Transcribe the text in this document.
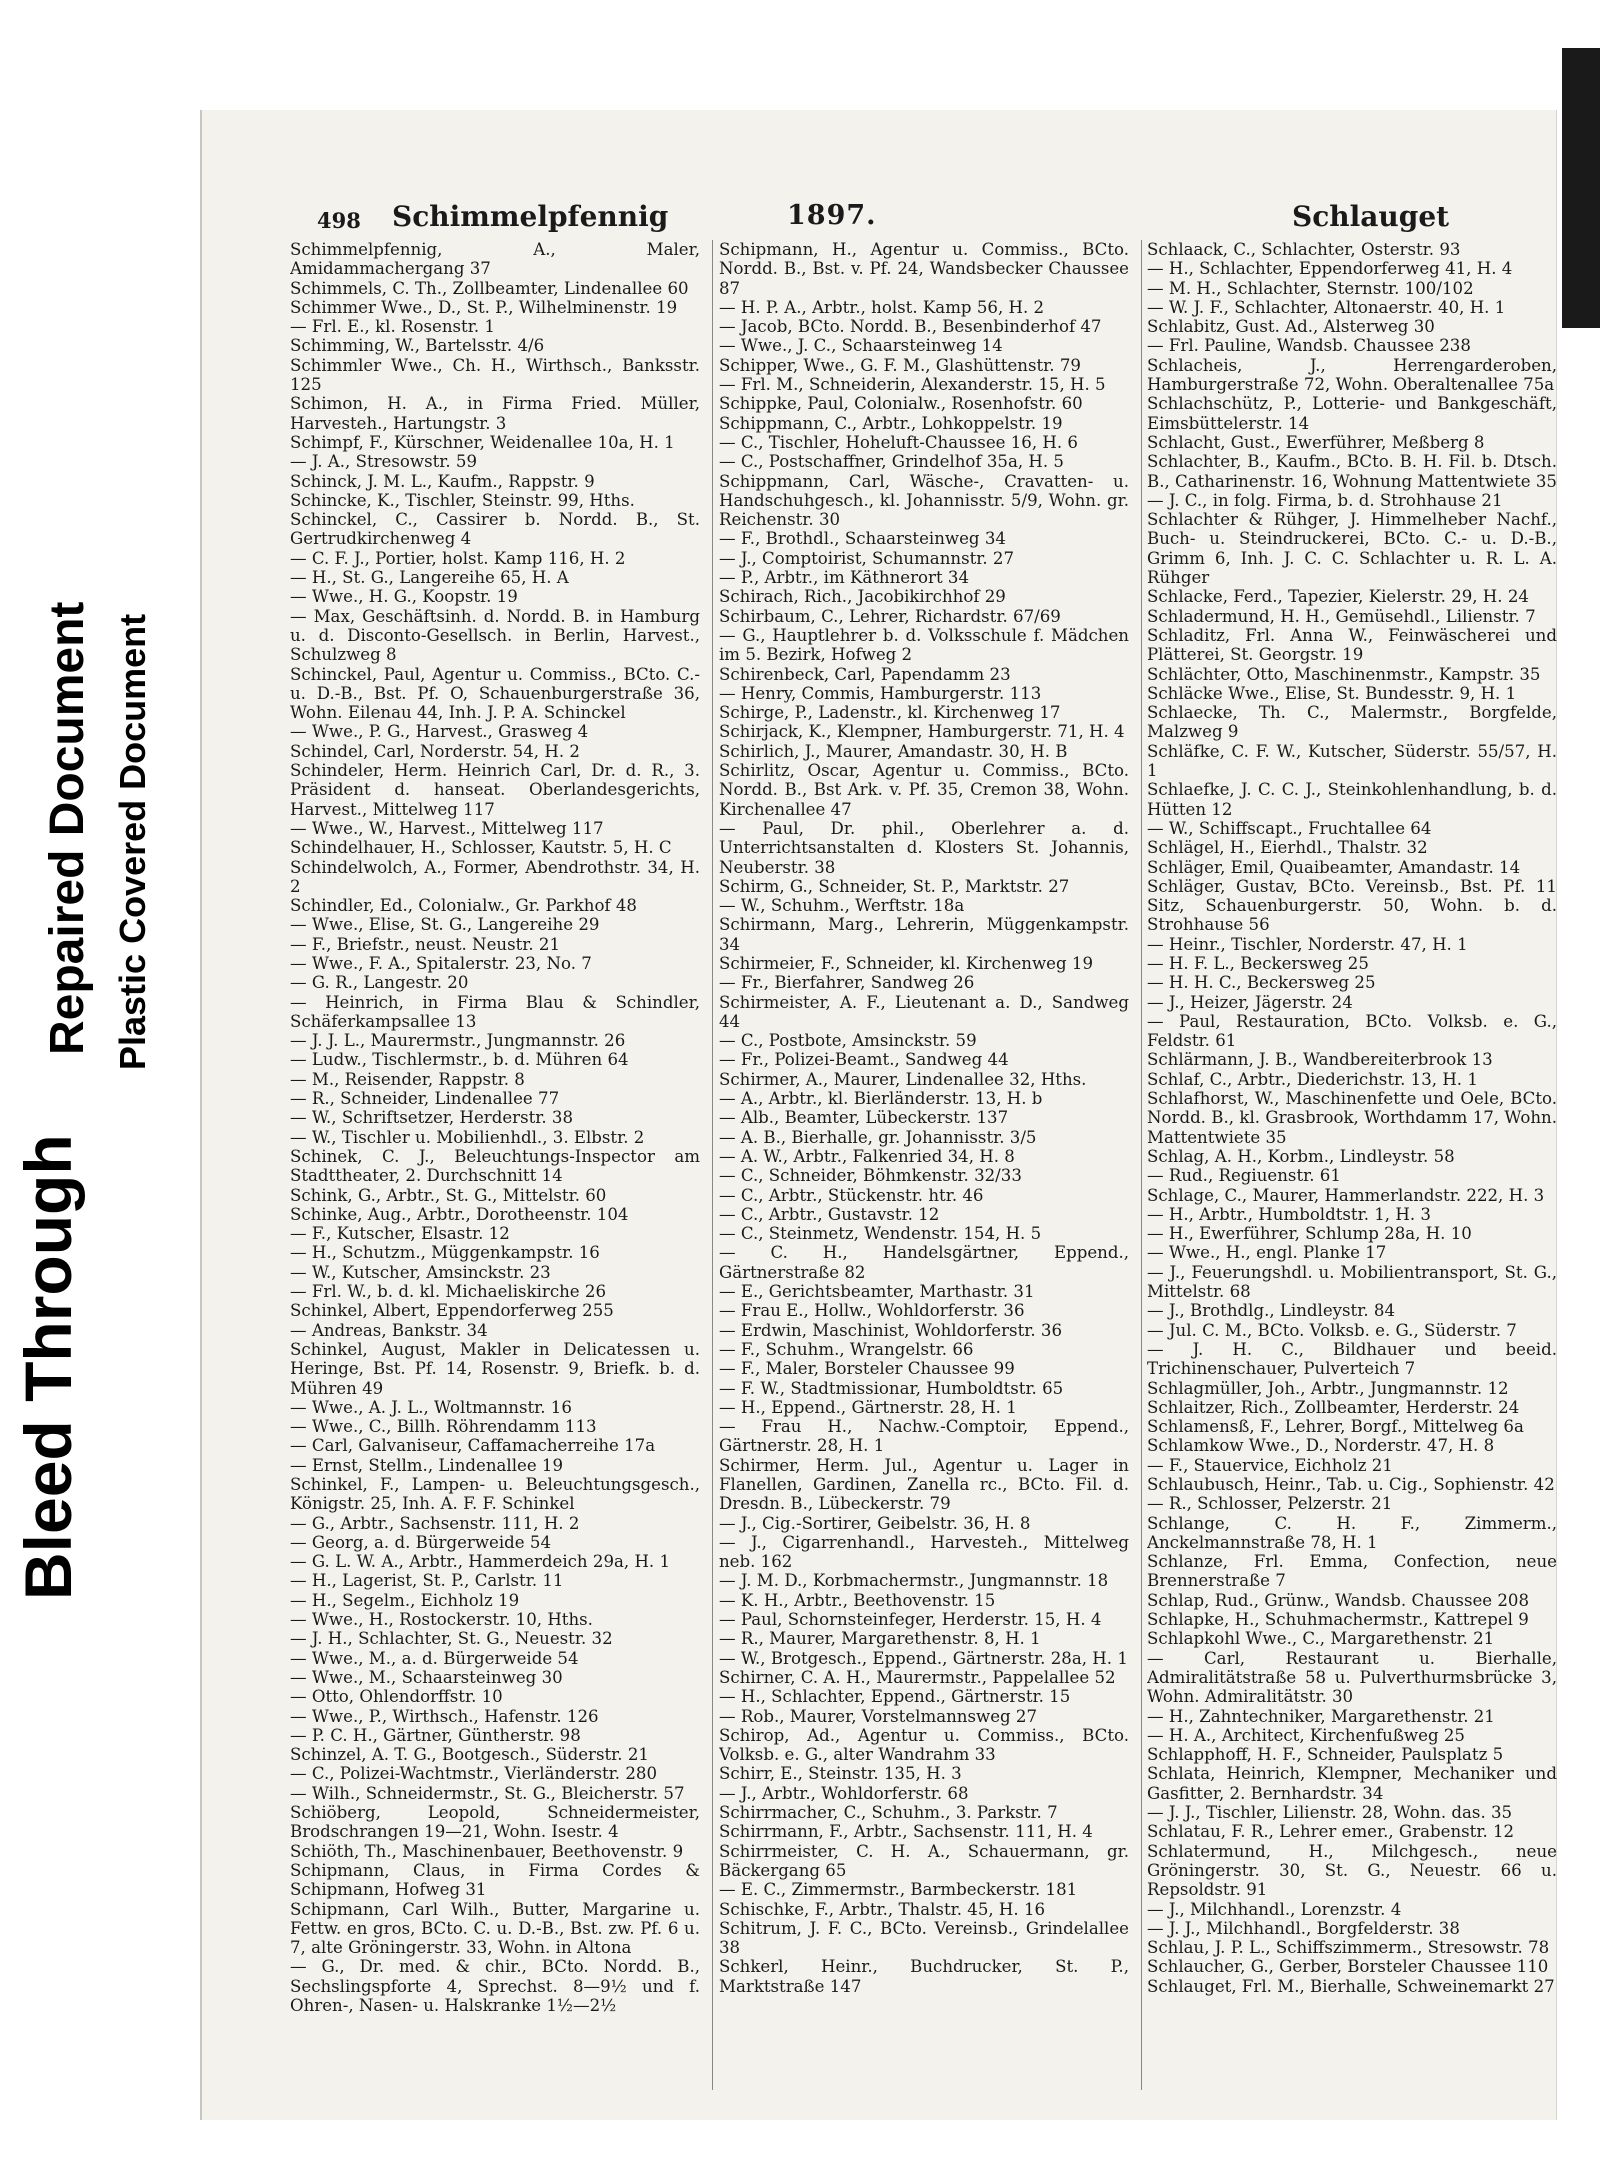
Bleed Through
Repaired Document Plastic Covered Document
498 Schimmelpfennig	1897.	Schlauget

Schimmelpfennig, A., Maler, Amidammachergang 37

Schimmels, C. Th., Zollbeamter, Lindenallee 60

Schimmer Wwe., D., St. P., Wilhelminenstr. 19

— Frl. E., kl. Rosenstr. 1

Schimming, W., Bartelsstr. 4/6

Schimmler Wwe., Ch. H., Wirthsch., Banksstr. 125

Schimon, H. A., in Firma Fried. Müller, Harvesteh., Hartungstr. 3

Schimpf, F., Kürschner, Weidenallee 10a, H. 1

— J. A., Stresowstr. 59

Schinck, J. M. L., Kaufm., Rappstr. 9

Schincke, K., Tischler, Steinstr. 99, Hths.

Schinckel, C., Cassirer b. Nordd. B., St. Gertrudkirchenweg 4

— C. F. J., Portier, holst. Kamp 116, H. 2

— H., St. G., Langereihe 65, H. A

— Wwe., H. G., Koopstr. 19

— Max, Geschäftsinh. d. Nordd. B. in Hamburg u. d. Disconto-Gesellsch. in Berlin, Harvest., Schulzweg 8

Schinckel, Paul, Agentur u. Commiss., BCto. C.- u. D.-B., Bst. Pf. O, Schauenburgerstraße 36, Wohn. Eilenau 44, Inh. J. P. A. Schinckel

— Wwe., P. G., Harvest., Grasweg 4

Schindel, Carl, Norderstr. 54, H. 2

Schindeler, Herm. Heinrich Carl, Dr. d. R., 3. Präsident d. hanseat. Oberlandesgerichts, Harvest., Mittelweg 117

— Wwe., W., Harvest., Mittelweg 117

Schindelhauer, H., Schlosser, Kautstr. 5, H. C

Schindelwolch, A., Former, Abendrothstr. 34, H. 2

Schindler, Ed., Colonialw., Gr. Parkhof 48

— Wwe., Elise, St. G., Langereihe 29

— F., Briefstr., neust. Neustr. 21

— Wwe., F. A., Spitalerstr. 23, No. 7

— G. R., Langestr. 20

— Heinrich, in Firma Blau & Schindler, Schäferkampsallee 13

— J. J. L., Maurermstr., Jungmannstr. 26

— Ludw., Tischlermstr., b. d. Mühren 64

— M., Reisender, Rappstr. 8

— R., Schneider, Lindenallee 77

— W., Schriftsetzer, Herderstr. 38

— W., Tischler u. Mobilienhdl., 3. Elbstr. 2

Schinek, C. J., Beleuchtungs-Inspector am Stadttheater, 2. Durchschnitt 14

Schink, G., Arbtr., St. G., Mittelstr. 60

Schinke, Aug., Arbtr., Dorotheenstr. 104

— F., Kutscher, Elsastr. 12

— H., Schutzm., Müggenkampstr. 16

— W., Kutscher, Amsinckstr. 23

— Frl. W., b. d. kl. Michaeliskirche 26

Schinkel, Albert, Eppendorferweg 255

— Andreas, Bankstr. 34

Schinkel, August, Makler in Delicatessen u. Heringe, Bst. Pf. 14, Rosenstr. 9, Briefk. b. d. Mühren 49

— Wwe., A. J. L., Woltmannstr. 16

— Wwe., C., Billh. Röhrendamm 113

— Carl, Galvaniseur, Caffamacherreihe 17a

— Ernst, Stellm., Lindenallee 19

Schinkel, F., Lampen- u. Beleuchtungsgesch., Königstr. 25, Inh. A. F. F. Schinkel

— G., Arbtr., Sachsenstr. 111, H. 2

— Georg, a. d. Bürgerweide 54

— G. L. W. A., Arbtr., Hammerdeich 29a, H. 1

— H., Lagerist, St. P., Carlstr. 11

— H., Segelm., Eichholz 19

— Wwe., H., Rostockerstr. 10, Hths.

— J. H., Schlachter, St. G., Neuestr. 32

— Wwe., M., a. d. Bürgerweide 54

— Wwe., M., Schaarsteinweg 30

— Otto, Ohlendorffstr. 10

— Wwe., P., Wirthsch., Hafenstr. 126

— P. C. H., Gärtner, Güntherstr. 98

Schinzel, A. T. G., Bootgesch., Süderstr. 21

— C., Polizei-Wachtmstr., Vierländerstr. 280

— Wilh., Schneidermstr., St. G., Bleicherstr. 57

Schiöberg, Leopold, Schneidermeister, Brodschrangen 19—21, Wohn. Isestr. 4

Schiöth, Th., Maschinenbauer, Beethovenstr. 9

Schipmann, Claus, in Firma Cordes & Schipmann, Hofweg 31

Schipmann, Carl Wilh., Butter, Margarine u. Fettw. en gros, BCto. C. u. D.-B., Bst. zw. Pf. 6 u. 7, alte Gröningerstr. 33, Wohn. in Altona

— G., Dr. med. & chir., BCto. Nordd. B., Sechslingspforte 4, Sprechst. 8—9½ und f. Ohren-, Nasen- u. Halskranke 1½—2½

Schipmann, H., Agentur u. Commiss., BCto. Nordd. B., Bst. v. Pf. 24, Wandsbecker Chaussee 87

— H. P. A., Arbtr., holst. Kamp 56, H. 2

— Jacob, BCto. Nordd. B., Besenbinderhof 47

— Wwe., J. C., Schaarsteinweg 14

Schipper, Wwe., G. F. M., Glashüttenstr. 79

— Frl. M., Schneiderin, Alexanderstr. 15, H. 5

Schippke, Paul, Colonialw., Rosenhofstr. 60

Schippmann, C., Arbtr., Lohkoppelstr. 19

— C., Tischler, Hoheluft-Chaussee 16, H. 6

— C., Postschaffner, Grindelhof 35a, H. 5

Schippmann, Carl, Wäsche-, Cravatten- u. Handschuhgesch., kl. Johannisstr. 5/9, Wohn. gr. Reichenstr. 30

— F., Brothdl., Schaarsteinweg 34

— J., Comptoirist, Schumannstr. 27

— P., Arbtr., im Käthnerort 34

Schirach, Rich., Jacobikirchhof 29

Schirbaum, C., Lehrer, Richardstr. 67/69

— G., Hauptlehrer b. d. Volksschule f. Mädchen im 5. Bezirk, Hofweg 2

Schirenbeck, Carl, Papendamm 23

— Henry, Commis, Hamburgerstr. 113

Schirge, P., Ladenstr., kl. Kirchenweg 17

Schirjack, K., Klempner, Hamburgerstr. 71, H. 4

Schirlich, J., Maurer, Amandastr. 30, H. B

Schirlitz, Oscar, Agentur u. Commiss., BCto. Nordd. B., Bst Ark. v. Pf. 35, Cremon 38, Wohn. Kirchenallee 47

— Paul, Dr. phil., Oberlehrer a. d. Unterrichtsanstalten d. Klosters St. Johannis, Neuberstr. 38

Schirm, G., Schneider, St. P., Marktstr. 27

— W., Schuhm., Werftstr. 18a

Schirmann, Marg., Lehrerin, Müggenkampstr. 34

Schirmeier, F., Schneider, kl. Kirchenweg 19

— Fr., Bierfahrer, Sandweg 26

Schirmeister, A. F., Lieutenant a. D., Sandweg 44

— C., Postbote, Amsinckstr. 59

— Fr., Polizei-Beamt., Sandweg 44

Schirmer, A., Maurer, Lindenallee 32, Hths.

— A., Arbtr., kl. Bierländerstr. 13, H. b

— Alb., Beamter, Lübeckerstr. 137

— A. B., Bierhalle, gr. Johannisstr. 3/5

— A. W., Arbtr., Falkenried 34, H. 8

— C., Schneider, Böhmkenstr. 32/33

— C., Arbtr., Stückenstr. htr. 46

— C., Arbtr., Gustavstr. 12

— C., Steinmetz, Wendenstr. 154, H. 5

— C. H., Handelsgärtner, Eppend., Gärtnerstraße 82

— E., Gerichtsbeamter, Marthastr. 31

— Frau E., Hollw., Wohldorferstr. 36

— Erdwin, Maschinist, Wohldorferstr. 36

— F., Schuhm., Wrangelstr. 66

— F., Maler, Borsteler Chaussee 99

— F. W., Stadtmissionar, Humboldtstr. 65

— H., Eppend., Gärtnerstr. 28, H. 1

— Frau H., Nachw.-Comptoir, Eppend., Gärtnerstr. 28, H. 1

Schirmer, Herm. Jul., Agentur u. Lager in Flanellen, Gardinen, Zanella rc., BCto. Fil. d. Dresdn. B., Lübeckerstr. 79

— J., Cig.-Sortirer, Geibelstr. 36, H. 8

— J., Cigarrenhandl., Harvesteh., Mittelweg neb. 162

— J. M. D., Korbmachermstr., Jungmannstr. 18

— K. H., Arbtr., Beethovenstr. 15

— Paul, Schornsteinfeger, Herderstr. 15, H. 4

— R., Maurer, Margarethenstr. 8, H. 1

— W., Brotgesch., Eppend., Gärtnerstr. 28a, H. 1

Schirner, C. A. H., Maurermstr., Pappelallee 52

— H., Schlachter, Eppend., Gärtnerstr. 15

— Rob., Maurer, Vorstelmannsweg 27

Schirop, Ad., Agentur u. Commiss., BCto. Volksb. e. G., alter Wandrahm 33

Schirr, E., Steinstr. 135, H. 3

— J., Arbtr., Wohldorferstr. 68

Schirrmacher, C., Schuhm., 3. Parkstr. 7

Schirrmann, F., Arbtr., Sachsenstr. 111, H. 4

Schirrmeister, C. H. A., Schauermann, gr. Bäckergang 65

— E. C., Zimmermstr., Barmbeckerstr. 181

Schischke, F., Arbtr., Thalstr. 45, H. 16

Schitrum, J. F. C., BCto. Vereinsb., Grindelallee 38

Schkerl, Heinr., Buchdrucker, St. P., Marktstraße 147

Schlaack, C., Schlachter, Osterstr. 93

— H., Schlachter, Eppendorferweg 41, H. 4

— M. H., Schlachter, Sternstr. 100/102

— W. J. F., Schlachter, Altonaerstr. 40, H. 1

Schlabitz, Gust. Ad., Alsterweg 30

— Frl. Pauline, Wandsb. Chaussee 238

Schlacheis, J., Herrengarderoben, Hamburgerstraße 72, Wohn. Oberaltenallee 75a

Schlachschütz, P., Lotterie- und Bankgeschäft, Eimsbüttelerstr. 14

Schlacht, Gust., Ewerführer, Meßberg 8

Schlachter, B., Kaufm., BCto. B. H. Fil. b. Dtsch. B., Catharinenstr. 16, Wohnung Mattentwiete 35

— J. C., in folg. Firma, b. d. Strohhause 21

Schlachter & Rühger, J. Himmelheber Nachf., Buch- u. Steindruckerei, BCto. C.- u. D.-B., Grimm 6, Inh. J. C. C. Schlachter u. R. L. A. Rühger

Schlacke, Ferd., Tapezier, Kielerstr. 29, H. 24

Schladermund, H. H., Gemüsehdl., Lilienstr. 7

Schladitz, Frl. Anna W., Feinwäscherei und Plätterei, St. Georgstr. 19

Schlächter, Otto, Maschinenmstr., Kampstr. 35

Schläcke Wwe., Elise, St. Bundesstr. 9, H. 1

Schlaecke, Th. C., Malermstr., Borgfelde, Malzweg 9

Schläfke, C. F. W., Kutscher, Süderstr. 55/57, H. 1

Schlaefke, J. C. C. J., Steinkohlenhandlung, b. d. Hütten 12

— W., Schiffscapt., Fruchtallee 64

Schlägel, H., Eierhdl., Thalstr. 32

Schläger, Emil, Quaibeamter, Amandastr. 14

Schläger, Gustav, BCto. Vereinsb., Bst. Pf. 11 Sitz, Schauenburgerstr. 50, Wohn. b. d. Strohhause 56

— Heinr., Tischler, Norderstr. 47, H. 1

— H. F. L., Beckersweg 25

— H. H. C., Beckersweg 25

— J., Heizer, Jägerstr. 24

— Paul, Restauration, BCto. Volksb. e. G., Feldstr. 61

Schlärmann, J. B., Wandbereiterbrook 13

Schlaf, C., Arbtr., Diederichstr. 13, H. 1

Schlafhorst, W., Maschinenfette und Oele, BCto. Nordd. B., kl. Grasbrook, Worthdamm 17, Wohn. Mattentwiete 35

Schlag, A. H., Korbm., Lindleystr. 58

— Rud., Regiuenstr. 61

Schlage, C., Maurer, Hammerlandstr. 222, H. 3

— H., Arbtr., Humboldtstr. 1, H. 3

— H., Ewerführer, Schlump 28a, H. 10

— Wwe., H., engl. Planke 17

— J., Feuerungshdl. u. Mobilientransport, St. G., Mittelstr. 68

— J., Brothdlg., Lindleystr. 84

— Jul. C. M., BCto. Volksb. e. G., Süderstr. 7

— J. H. C., Bildhauer und beeid. Trichinenschauer, Pulverteich 7

Schlagmüller, Joh., Arbtr., Jungmannstr. 12

Schlaitzer, Rich., Zollbeamter, Herderstr. 24

Schlamensß, F., Lehrer, Borgf., Mittelweg 6a

Schlamkow Wwe., D., Norderstr. 47, H. 8

— F., Stauervice, Eichholz 21

Schlaubusch, Heinr., Tab. u. Cig., Sophienstr. 42

— R., Schlosser, Pelzerstr. 21

Schlange, C. H. F., Zimmerm., Anckelmannstraße 78, H. 1

Schlanze, Frl. Emma, Confection, neue Brennerstraße 7

Schlap, Rud., Grünw., Wandsb. Chaussee 208

Schlapke, H., Schuhmachermstr., Kattrepel 9

Schlapkohl Wwe., C., Margarethenstr. 21

— Carl, Restaurant u. Bierhalle, Admiralitätstraße 58 u. Pulverthurmsbrücke 3, Wohn. Admiralitätstr. 30

— H., Zahntechniker, Margarethenstr. 21

— H. A., Architect, Kirchenfußweg 25

Schlapphoff, H. F., Schneider, Paulsplatz 5

Schlata, Heinrich, Klempner, Mechaniker und Gasfitter, 2. Bernhardstr. 34

— J. J., Tischler, Lilienstr. 28, Wohn. das. 35

Schlatau, F. R., Lehrer emer., Grabenstr. 12

Schlatermund, H., Milchgesch., neue Gröningerstr. 30, St. G., Neuestr. 66 u. Repsoldstr. 91

— J., Milchhandl., Lorenzstr. 4

— J. J., Milchhandl., Borgfelderstr. 38

Schlau, J. P. L., Schiffszimmerm., Stresowstr. 78

Schlaucher, G., Gerber, Borsteler Chaussee 110

Schlauget, Frl. M., Bierhalle, Schweinemarkt 27
